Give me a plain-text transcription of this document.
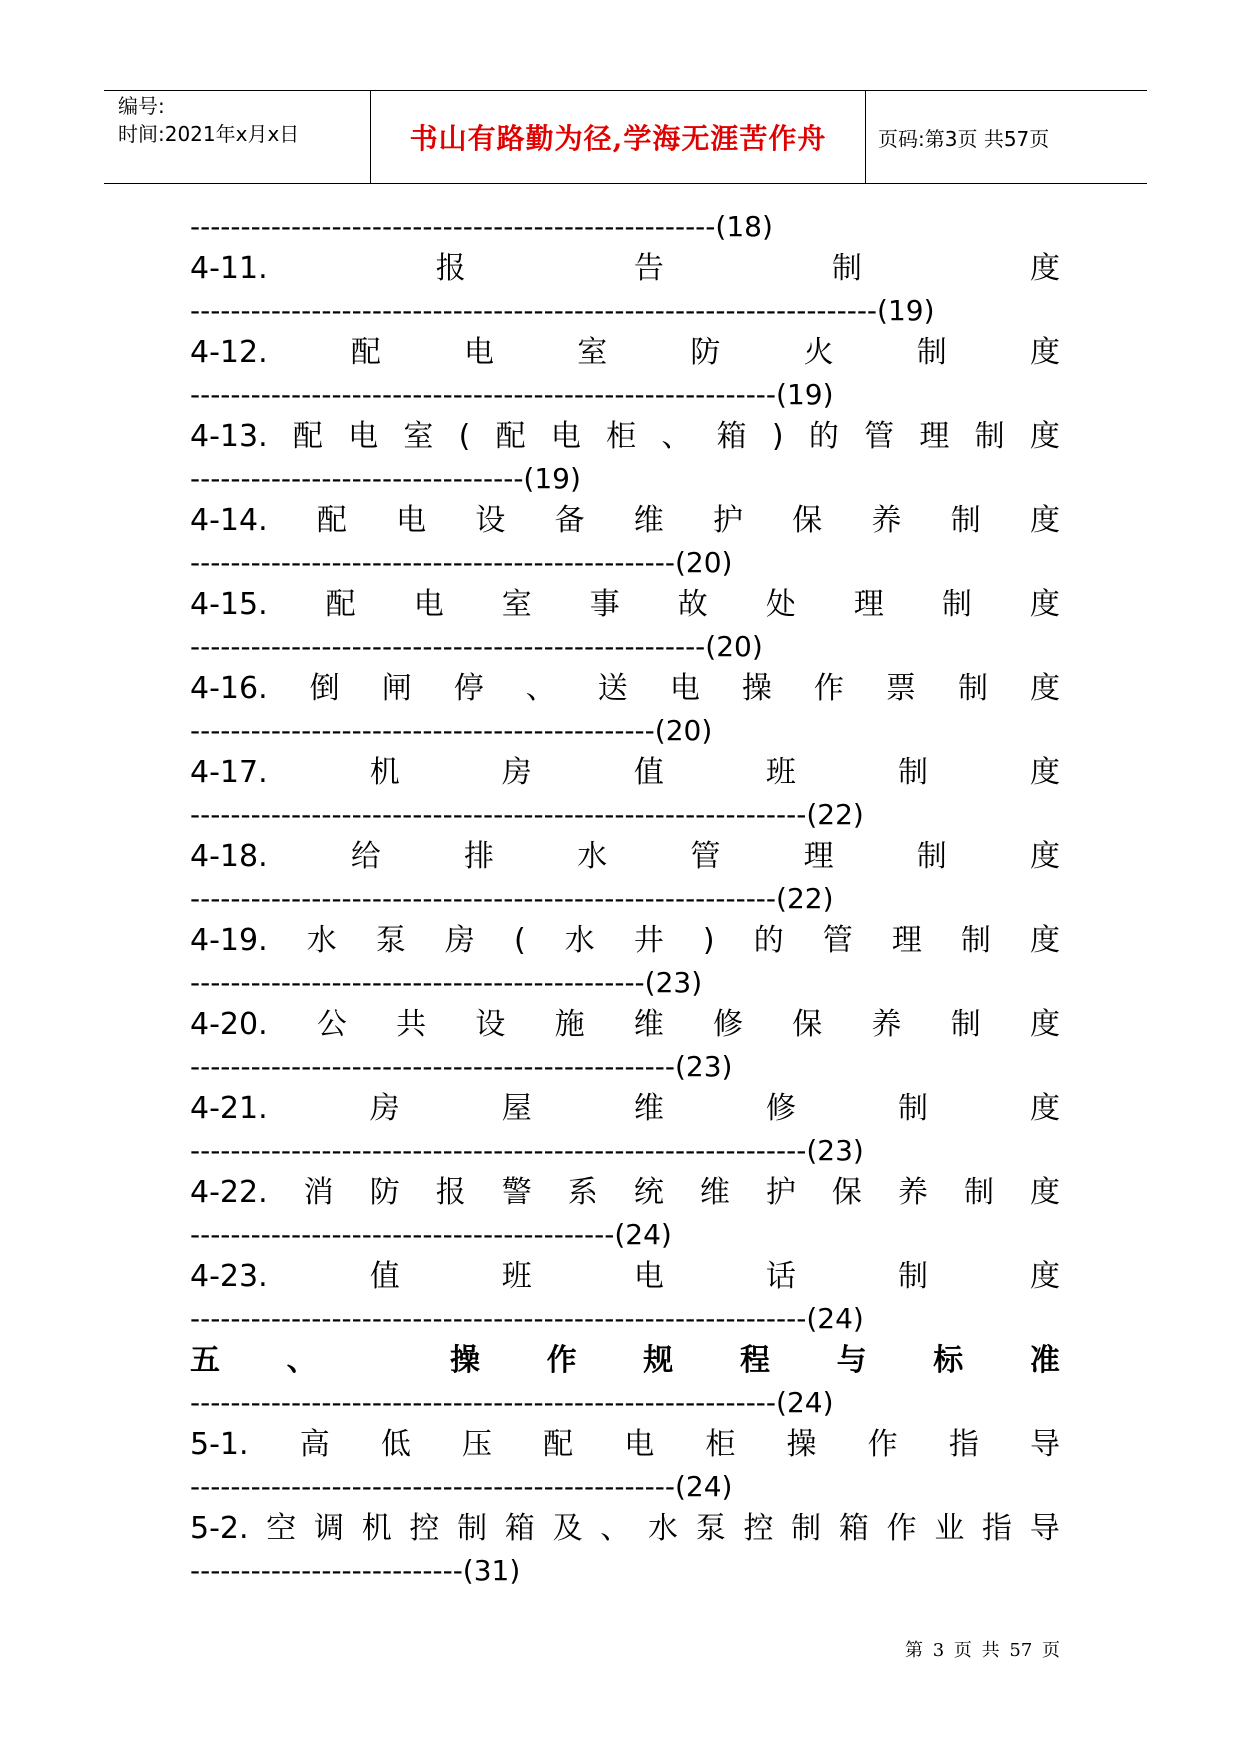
编号:
时间:2021年x月x日	书山有路勤为径,学海无涯苦作舟	页码:第3页 共57页
----------------------------------------------------(18)
4-11.	报	告	制	度
--------------------------------------------------------------------(19)
4-12.	配	电	室	防	火	制	度
----------------------------------------------------------(19)
4-13. 配 电 室 ( 配 电 柜 、 箱 ) 的 管 理 制 度
---------------------------------(19)
4-14. 配 电 设 备 维 护 保 养 制 度
------------------------------------------------(20)
4-15. 配 电 室 事 故 处 理 制 度
---------------------------------------------------(20)
4-16. 倒 闸 停 、 送 电 操 作 票 制 度
----------------------------------------------(20)
4-17.	机	房	值	班	制	度
-------------------------------------------------------------(22)
4-18.	给	排	水	管	理	制	度
----------------------------------------------------------(22)
4-19. 水 泵 房 ( 水 井 ) 的 管 理 制 度
---------------------------------------------(23)
4-20. 公 共 设 施 维 修 保 养 制 度
------------------------------------------------(23)
4-21.	房	屋	维	修	制	度
-------------------------------------------------------------(23)
4-22. 消 防 报 警 系 统 维 护 保 养 制 度
------------------------------------------(24)
4-23.	值	班	电	话	制	度
-------------------------------------------------------------(24)
五 、	操 作 规 程 与 标 准
----------------------------------------------------------(24)
5-1. 高 低 压 配 电 柜 操 作 指 导
------------------------------------------------(24)
5-2. 空 调 机 控 制 箱 及 、 水 泵 控 制 箱 作 业 指 导
---------------------------(31)
第 3 页 共 57 页
